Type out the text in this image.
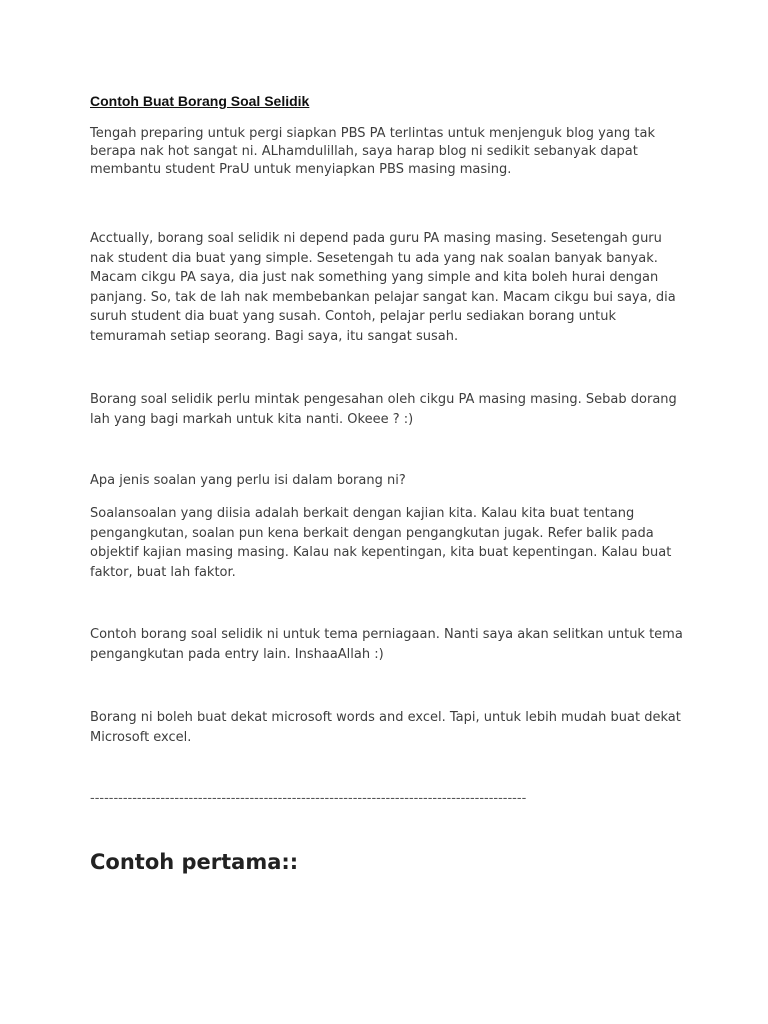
Contoh Buat Borang Soal Selidik

Tengah preparing untuk pergi siapkan PBS PA terlintas untuk menjenguk blog yang tak berapa nak hot sangat ni. ALhamdulillah, saya harap blog ni sedikit sebanyak dapat membantu student PrаU untuk menyiapkan PBS masing masing.

Acctually, borang soal selidik ni depend pada guru PA masing masing. Sesetengah guru nak student dia buat yang simple. Sesetengah tu ada yang nak soalan banyak banyak. Macam cikgu PA saya, dia just nak something yang simple and kita boleh hurai dengan panjang. So, tak de lah nak membebankan pelajar sangat kan. Macam cikgu bui saya, dia suruh student dia buat yang susah. Contoh, pelajar perlu sediakan borang untuk temuramah setiap seorang. Bagi saya, itu sangat susah.

Borang soal selidik perlu mintak pengesahan oleh cikgu PA masing masing. Sebab dorang lah yang bagi markah untuk kita nanti. Okeee ? :)

Apa jenis soalan yang perlu isi dalam borang ni?

Soalansoalan yang diisia adalah berkait dengan kajian kita. Kalau kita buat tentang pengangkutan, soalan pun kena berkait dengan pengangkutan jugak. Refer balik pada objektif kajian masing masing. Kalau nak kepentingan, kita buat kepentingan. Kalau buat faktor, buat lah faktor.

Contoh borang soal selidik ni untuk tema perniagaan. Nanti saya akan selitkan untuk tema pengangkutan pada entry lain. InshaaAllah :)

Borang ni boleh buat dekat microsoft words and excel. Tapi, untuk lebih mudah buat dekat Microsoft excel.

---------------------------------------------------------------------------------------------
Contoh pertama::
